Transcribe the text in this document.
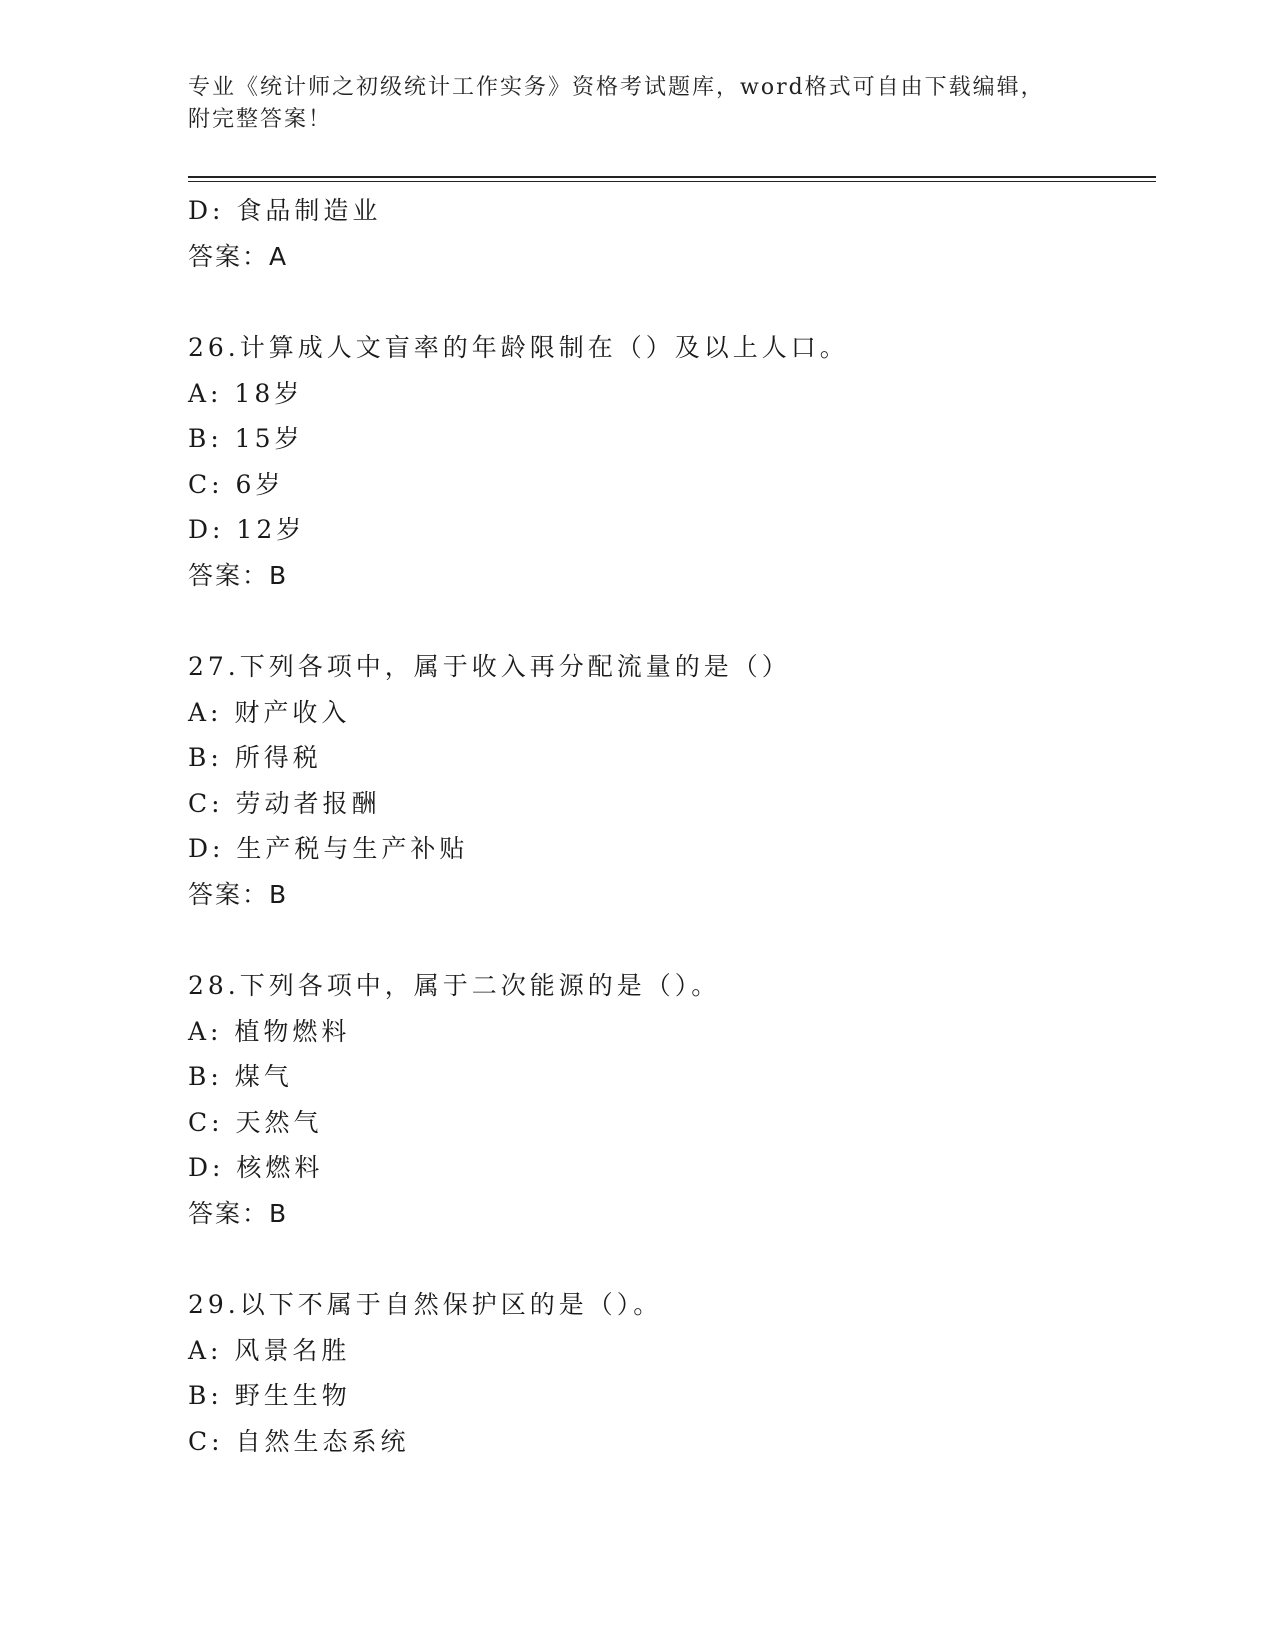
专业《统计师之初级统计工作实务》资格考试题库，word格式可自由下载编辑，
附完整答案！
D: 食品制造业
答案：A
26.计算成人文盲率的年龄限制在（）及以上人口。
A: 18岁
B: 15岁
C: 6岁
D: 12岁
答案：B
27.下列各项中，属于收入再分配流量的是（）
A: 财产收入
B: 所得税
C: 劳动者报酬
D: 生产税与生产补贴
答案：B
28.下列各项中，属于二次能源的是（）。
A: 植物燃料
B: 煤气
C: 天然气
D: 核燃料
答案：B
29.以下不属于自然保护区的是（）。
A: 风景名胜
B: 野生生物
C: 自然生态系统
